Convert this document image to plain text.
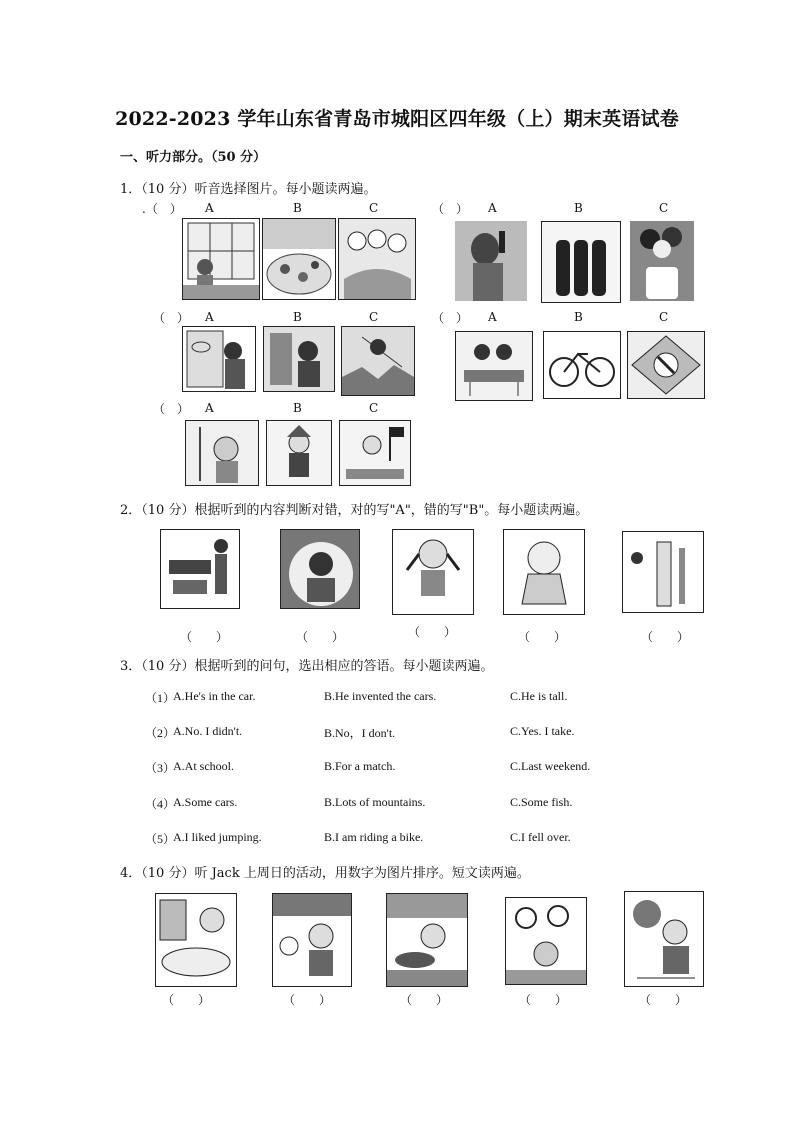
2022-2023 学年山东省青岛市城阳区四年级（上）期末英语试卷
一、听力部分。（50 分）
1．（10 分）听音选择图片。每小题读两遍。
.（　） A	B	C	（　） A	B	C
（　） A	B	C	（　） A	B	C
（　） A	B	C
2．（10 分）根据听到的内容判断对错，对的写"A"，错的写"B"。每小题读两遍。
（　　）	（　　）	（　　）	（　　）	（　　）
3．（10 分）根据听到的问句，选出相应的答语。每小题读两遍。
（1）
A.He's in the car.	B.He invented the cars.	C.He is tall.
（2）
A.No. I didn't.	B.No，I don't.	C.Yes. I take.
（3）
A.At school.	B.For a match.	C.Last weekend.
（4）
A.Some cars.	B.Lots of mountains.	C.Some fish.
（5）
A.I liked jumping.	B.I am riding a bike.	C.I fell over.
4．（10 分）听 Jack 上周日的活动，用数字为图片排序。短文读两遍。
（　　）	（　　）	（　　）	（　　）	（　　）
